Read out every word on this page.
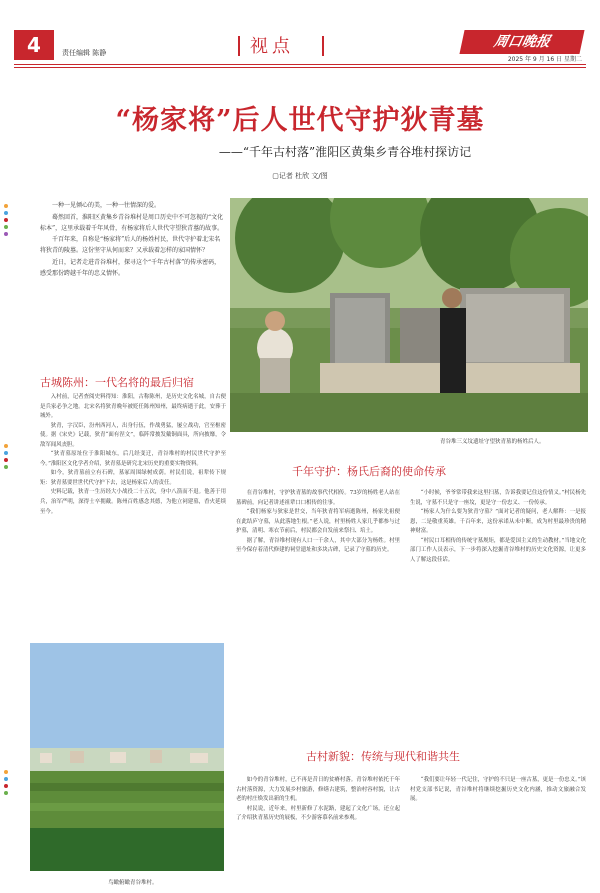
4	责任编辑 陈静	视点	周口晚报
2025 年 9 月 16 日 星期二
“杨家将”后人世代守护狄青墓
——“千年古村落”淮阳区黄集乡青谷堆村探访记
▢记者 杜欣 文/图

一种一见倾心的美，一种一往情深的爱。

蓦然回首，淮阳区黄集乡青谷堆村是周口历史中不可忽视的“文化标本”，这里承载着千年风骨，有杨家将后人世代守望狄青墓的故事。

千百年来，自称是“杨家将”后人的杨姓村民，世代守护着北宋名将狄青的陵墓。这份坚守从何而来？又承载着怎样的家国情怀？

近日，记者走进青谷堆村，探寻这个“千年古村落”的传承密码，感受那份跨越千年的忠义情怀。

青谷堆三义坟遗址守望狄青墓的杨姓后人。
古城陈州：一代名将的最后归宿

入村前，记者查阅史料得知：淮阳，古称陈州，是历史文化名城，自古便是兵家必争之地。北宋名将狄青晚年被贬任陈州知州，最终病逝于此，安葬于城外。

狄青，字汉臣，汾州西河人，出身行伍，作战勇猛，屡立战功，官至枢密使。据《宋史》记载，狄青“面有涅文”，临阵常披发戴铜面具，所向披靡，令敌军闻风丧胆。

“狄青墓原址位于淮阳城东，后几经变迁，青谷堆村的村民世代守护至今。”淮阳区文化学者介绍，狄青墓是研究北宋历史的重要实物资料。

如今，狄青墓前立有石碑，墓冢周围绿树成荫。村民们说，祖辈传下规矩：狄青墓要世世代代守护下去，这是杨家后人的责任。

史料记载，狄青一生历经大小战役二十五次，身中八箭而不退。他善于用兵，治军严明，深得士卒拥戴。陈州百姓感念其德，为他立祠建墓，香火延续至今。

鸟瞰俯瞰青谷堆村。
千年守护：杨氏后裔的使命传承

在青谷堆村，守护狄青墓的故事代代相传。73岁的杨姓老人站在墓碑前，向记者讲述祖辈口口相传的往事。

“我们杨家与狄家是世交，当年狄青将军病逝陈州，杨家先祖便在此结庐守墓，从此落地生根。”老人说，村里杨姓人家几乎都参与过护墓，清明、寒衣节前后，村民都会自发前来祭扫、培土。

据了解，青谷堆村现有人口一千余人，其中大部分为杨姓。村里至今保存着清代修建的祠堂遗址和多块古碑，记录了守墓的历史。

“小时候，爷爷常带我来这里扫墓，告诉我要记住这份情义。”村民杨先生说，守墓不只是守一座坟，更是守一份忠义、一份传承。

“杨家人为什么要为狄青守墓？”面对记者的疑问，老人解释：一是报恩，二是敬重英雄。千百年来，这份承诺从未中断，成为村里最珍贵的精神财富。

“村民口耳相传的传统守墓规矩，都是爱国主义的生动教材。”当地文化部门工作人员表示，下一步将深入挖掘青谷堆村的历史文化资源，让更多人了解这段佳话。

古村新貌：传统与现代和谐共生

如今的青谷堆村，已不再是昔日的贫瘠村落。青谷堆村依托千年古村落资源，大力发展乡村旅游，修缮古建筑，整治村容村貌，让古老的村庄焕发出新的生机。

村民说，近年来，村里新修了水泥路，建起了文化广场，还立起了介绍狄青墓历史的展板，不少游客慕名前来参观。

“我们要让年轻一代记住，守护的不只是一座古墓，更是一份忠义。”该村党支部书记说，青谷堆村将继续挖掘历史文化内涵，推动文旅融合发展。
